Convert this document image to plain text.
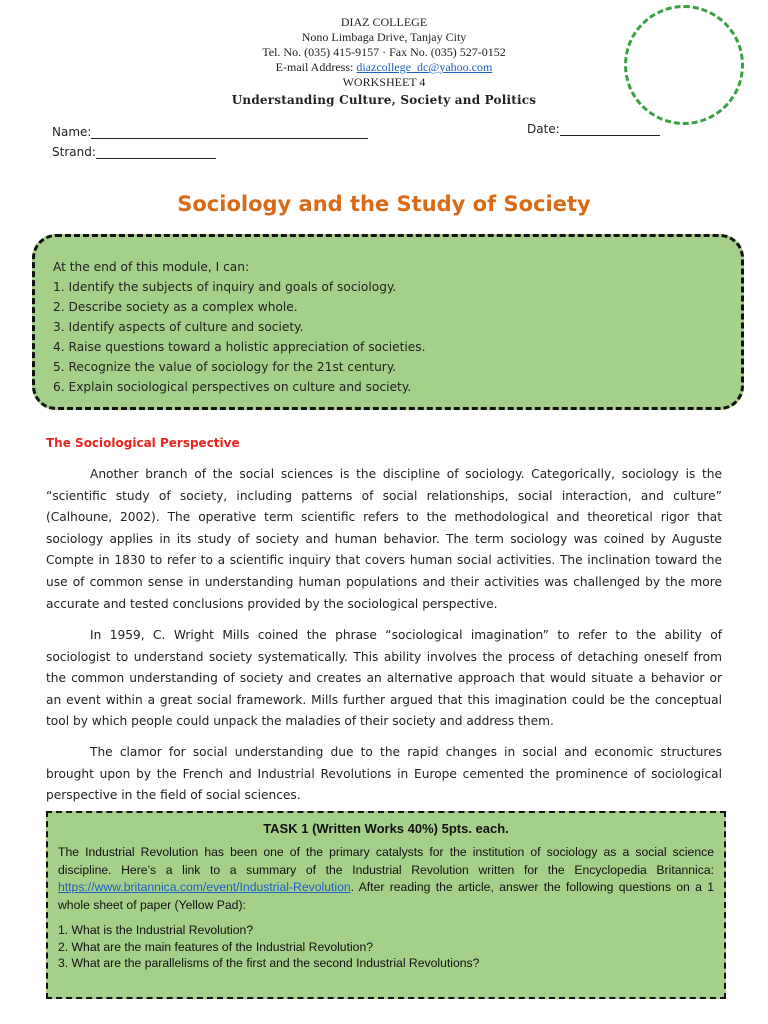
DIAZ COLLEGE
Nono Limbaga Drive, Tanjay City
Tel. No. (035) 415-9157 · Fax No. (035) 527-0152
E-mail Address: diazcollege_dc@yahoo.com
WORKSHEET 4
Understanding Culture, Society and Politics
Name:	Date:
Strand:
Sociology and the Study of Society
At the end of this module, I can:
1. Identify the subjects of inquiry and goals of sociology.
2. Describe society as a complex whole.
3. Identify aspects of culture and society.
4. Raise questions toward a holistic appreciation of societies.
5. Recognize the value of sociology for the 21st century.
6. Explain sociological perspectives on culture and society.
The Sociological Perspective

Another branch of the social sciences is the discipline of sociology. Categorically, sociology is the “scientific study of society, including patterns of social relationships, social interaction, and culture” (Calhoune, 2002). The operative term scientific refers to the methodological and theoretical rigor that sociology applies in its study of society and human behavior. The term sociology was coined by Auguste Compte in 1830 to refer to a scientific inquiry that covers human social activities. The inclination toward the use of common sense in understanding human populations and their activities was challenged by the more accurate and tested conclusions provided by the sociological perspective.

In 1959, C. Wright Mills coined the phrase “sociological imagination” to refer to the ability of sociologist to understand society systematically. This ability involves the process of detaching oneself from the common understanding of society and creates an alternative approach that would situate a behavior or an event within a great social framework. Mills further argued that this imagination could be the conceptual tool by which people could unpack the maladies of their society and address them.

The clamor for social understanding due to the rapid changes in social and economic structures brought upon by the French and Industrial Revolutions in Europe cemented the prominence of sociological perspective in the field of social sciences.

TASK 1 (Written Works 40%) 5pts. each.

The Industrial Revolution has been one of the primary catalysts for the institution of sociology as a social science discipline. Here’s a link to a summary of the Industrial Revolution written for the Encyclopedia Britannica: https://www.britannica.com/event/Industrial-Revolution. After reading the article, answer the following questions on a 1 whole sheet of paper (Yellow Pad):

1. What is the Industrial Revolution?
2. What are the main features of the Industrial Revolution?
3. What are the parallelisms of the first and the second Industrial Revolutions?
